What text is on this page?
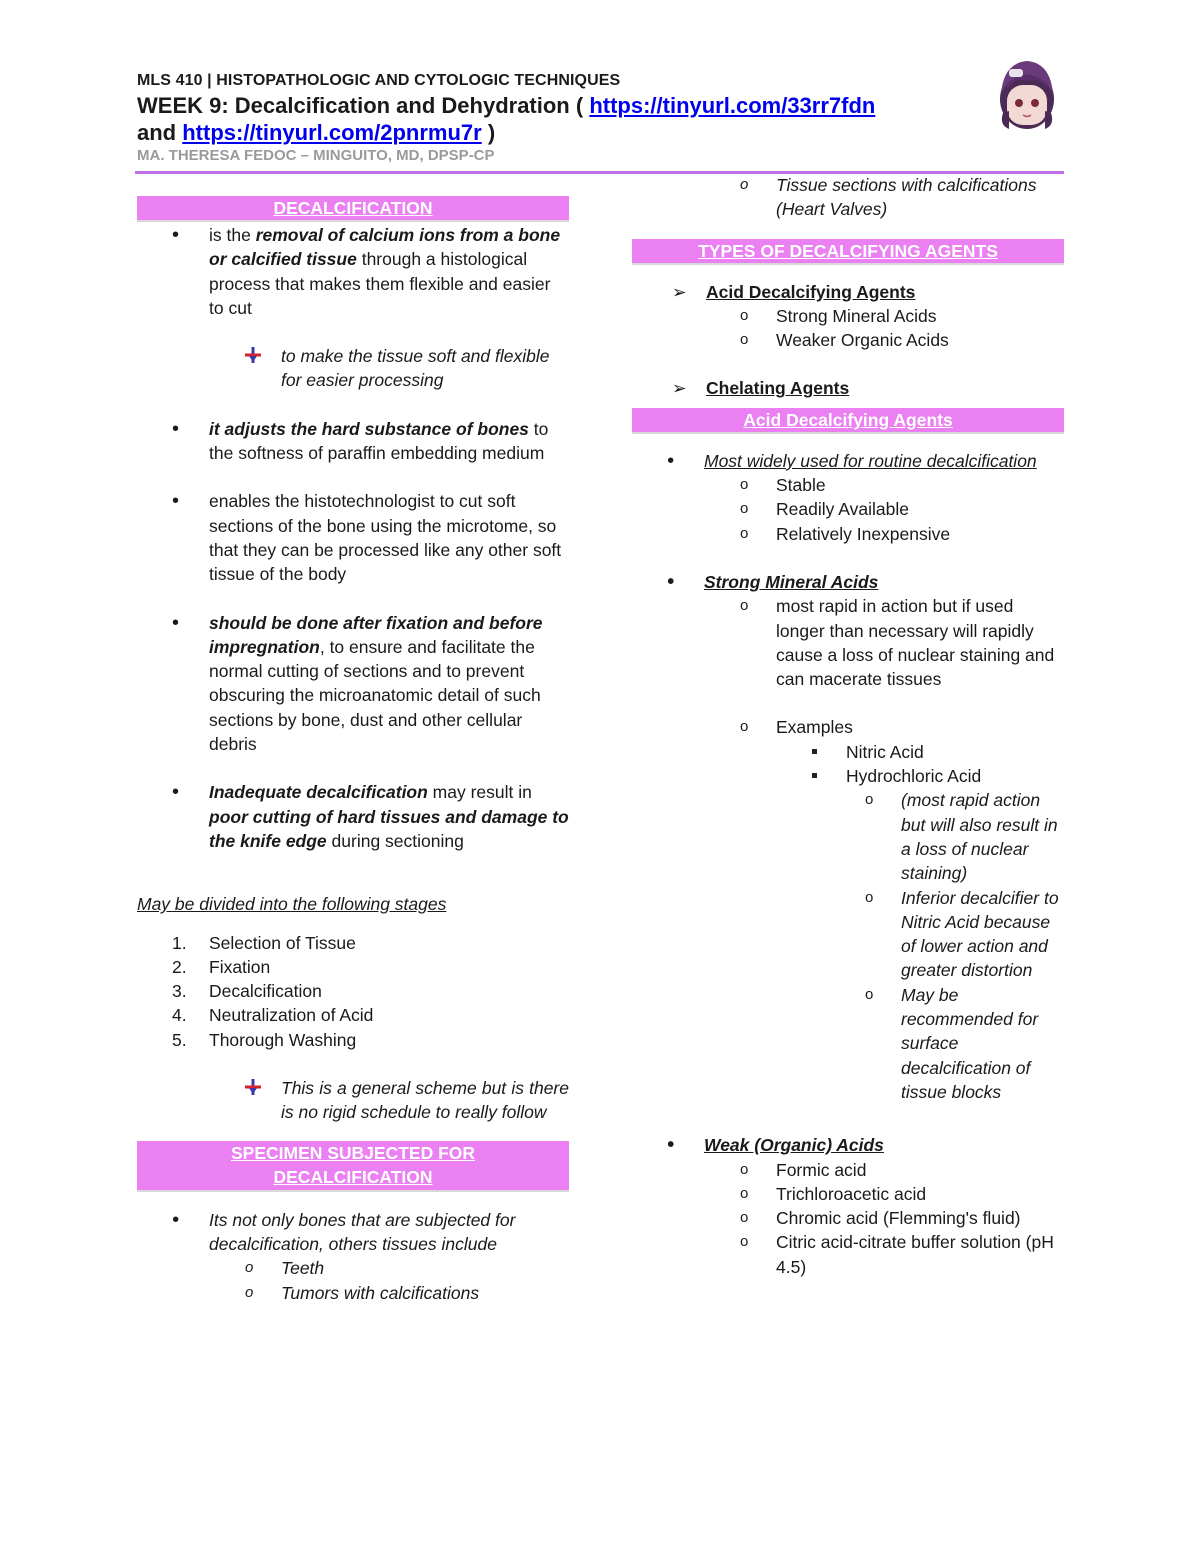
MLS 410 | HISTOPATHOLOGIC AND CYTOLOGIC TECHNIQUES
WEEK 9: Decalcification and Dehydration ( https://tinyurl.com/33rr7fdn
and https://tinyurl.com/2pnrmu7r )
MA. THERESA FEDOC – MINGUITO, MD, DPSP-CP
DECALCIFICATION
• is the removal of calcium ions from a bone or calcified tissue through a histological process that makes them flexible and easier to cut
to make the tissue soft and flexible for easier processing
• it adjusts the hard substance of bones to the softness of paraffin embedding medium
• enables the histotechnologist to cut soft sections of the bone using the microtome, so that they can be processed like any other soft tissue of the body
• should be done after fixation and before impregnation, to ensure and facilitate the normal cutting of sections and to prevent obscuring the microanatomic detail of such sections by bone, dust and other cellular debris
• Inadequate decalcification may result in poor cutting of hard tissues and damage to the knife edge during sectioning
May be divided into the following stages
1. Selection of Tissue
2. Fixation
3. Decalcification
4. Neutralization of Acid
5. Thorough Washing
This is a general scheme but is there is no rigid schedule to really follow
SPECIMEN SUBJECTED FOR
DECALCIFICATION
• Its not only bones that are subjected for decalcification, others tissues include
o Teeth
o Tumors with calcifications
o Tissue sections with calcifications (Heart Valves)
TYPES OF DECALCIFYING AGENTS
➢ Acid Decalcifying Agents
o Strong Mineral Acids
o Weaker Organic Acids
➢ Chelating Agents
Acid Decalcifying Agents
• Most widely used for routine decalcification
o Stable
o Readily Available
o Relatively Inexpensive
• Strong Mineral Acids
o most rapid in action but if used longer than necessary will rapidly cause a loss of nuclear staining and can macerate tissues
o Examples
Nitric Acid
Hydrochloric Acid
o (most rapid action but will also result in a loss of nuclear staining)
o Inferior decalcifier to Nitric Acid because of lower action and greater distortion
o May be recommended for surface decalcification of tissue blocks
• Weak (Organic) Acids
o Formic acid
o Trichloroacetic acid
o Chromic acid (Flemming's fluid)
o Citric acid-citrate buffer solution (pH 4.5)
